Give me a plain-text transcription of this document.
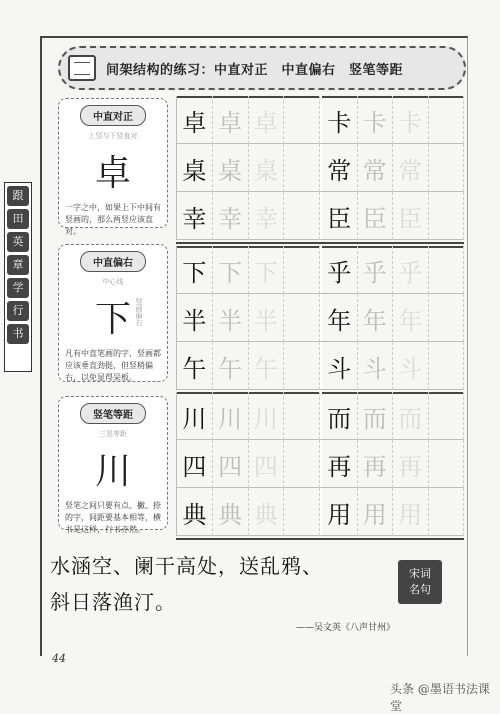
间架结构的练习：中直对正　中直偏右　竖笔等距
跟
田
英
章
学
行
书
中直对正
上竖与下竖直对
卓
一字之中，如果上下中间有竖画的，那么两竖应该直对。
中直偏右
中心线
下
凡有中直笔画的字，竖画都应该垂直劲挺，但竖稍偏右，以免显得呆板。
竖画偏右
竖笔等距
三竖等距
川
竖笔之间只要有点、撇、捺的字，间距要基本相等，横书是这样，行书亦然。
卓 卓 卓 卡 卡 卡
桌 桌 桌 常 常 常
幸 幸 幸 臣 臣 臣
下 下 下 乎 乎 乎
半 半 半 年 年 年
午 午 午 斗 斗 斗
川 川 川 而 而 而
四 四 四 再 再 再
典 典 典 用 用 用
水涵空、阑干高处，送乱鸦、
斜日落渔汀。
宋词
名句
——吴文英《八声甘州》
44
头条 @墨语书法课堂
